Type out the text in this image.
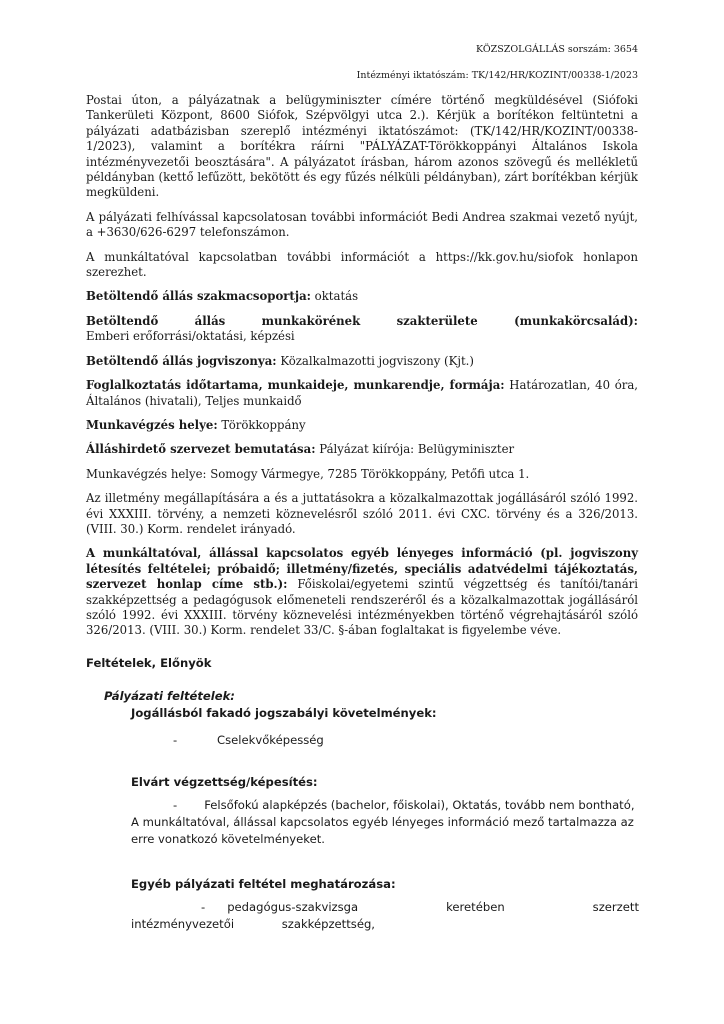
KÖZSZOLGÁLLÁS sorszám: 3654
Intézményi iktatószám: TK/142/HR/KOZINT/00338-1/2023

Postai úton, a pályázatnak a belügyminiszter címére történő megküldésével (Siófoki Tankerületi Központ, 8600 Siófok, Szépvölgyi utca 2.). Kérjük a borítékon feltüntetni a pályázati adatbázisban szereplő intézményi iktatószámot: (TK/142/HR/KOZINT/00338-1/2023), valamint a borítékra ráírni "PÁLYÁZAT-Törökkoppányi Általános Iskola intézményvezetői beosztására". A pályázatot írásban, három azonos szövegű és mellékletű példányban (kettő lefűzött, bekötött és egy fűzés nélküli példányban), zárt borítékban kérjük megküldeni.

A pályázati felhívással kapcsolatosan további információt Bedi Andrea szakmai vezető nyújt, a +3630/626-6297 telefonszámon.

A munkáltatóval kapcsolatban további információt a https://kk.gov.hu/siofok honlapon szerezhet.

Betöltendő állás szakmacsoportja: oktatás

Betöltendő állás munkakörének szakterülete (munkakörcsalád): Emberi erőforrási/oktatási, képzési

Betöltendő állás jogviszonya: Közalkalmazotti jogviszony (Kjt.)

Foglalkoztatás időtartama, munkaideje, munkarendje, formája: Határozatlan, 40 óra, Általános (hivatali), Teljes munkaidő

Munkavégzés helye: Törökkoppány

Álláshirdető szervezet bemutatása: Pályázat kiírója: Belügyminiszter

Munkavégzés helye: Somogy Vármegye, 7285 Törökkoppány, Petőfi utca 1.

Az illetmény megállapítására a és a juttatásokra a közalkalmazottak jogállásáról szóló 1992. évi XXXIII. törvény, a nemzeti köznevelésről szóló 2011. évi CXC. törvény és a 326/2013. (VIII. 30.) Korm. rendelet irányadó.

A munkáltatóval, állással kapcsolatos egyéb lényeges információ (pl. jogviszony létesítés feltételei; próbaidő; illetmény/fizetés, speciális adatvédelmi tájékoztatás, szervezet honlap címe stb.): Főiskolai/egyetemi szintű végzettség és tanítói/tanári szakképzettség a pedagógusok előmeneteli rendszeréről és a közalkalmazottak jogállásáról szóló 1992. évi XXXIII. törvény köznevelési intézményekben történő végrehajtásáról szóló 326/2013. (VIII. 30.) Korm. rendelet 33/C. §-ában foglaltakat is figyelembe véve.

Feltételek, Előnyök
Pályázati feltételek:
Jogállásból fakadó jogszabályi követelmények:
-	Cselekvőképesség
Elvárt végzettség/képesítés:
- Felsőfokú alapképzés (bachelor, főiskolai), Oktatás, tovább nem bontható, A munkáltatóval, állással kapcsolatos egyéb lényeges információ mező tartalmazza az erre vonatkozó követelményeket.
Egyéb pályázati feltétel meghatározása:
- pedagógus-szakvizsga keretében szerzett intézményvezetői szakképzettség,
